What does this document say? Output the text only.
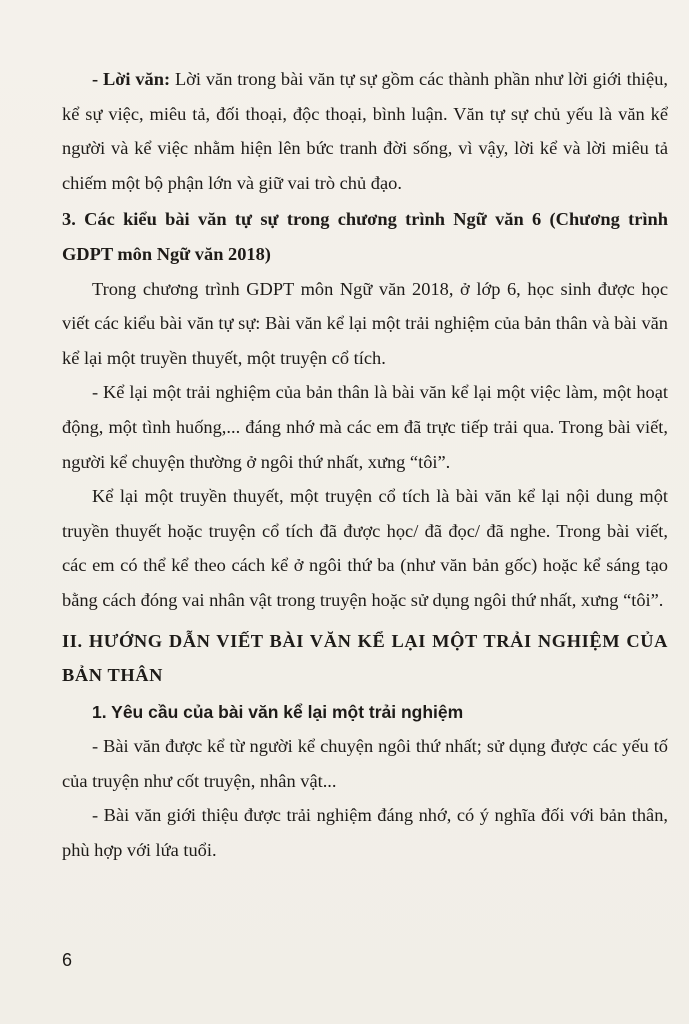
- Lời văn: Lời văn trong bài văn tự sự gồm các thành phần như lời giới thiệu, kể sự việc, miêu tả, đối thoại, độc thoại, bình luận. Văn tự sự chủ yếu là văn kể người và kể việc nhằm hiện lên bức tranh đời sống, vì vậy, lời kể và lời miêu tả chiếm một bộ phận lớn và giữ vai trò chủ đạo.

3. Các kiểu bài văn tự sự trong chương trình Ngữ văn 6 (Chương trình GDPT môn Ngữ văn 2018)

Trong chương trình GDPT môn Ngữ văn 2018, ở lớp 6, học sinh được học viết các kiểu bài văn tự sự: Bài văn kể lại một trải nghiệm của bản thân và bài văn kể lại một truyền thuyết, một truyện cổ tích.

- Kể lại một trải nghiệm của bản thân là bài văn kể lại một việc làm, một hoạt động, một tình huống,... đáng nhớ mà các em đã trực tiếp trải qua. Trong bài viết, người kể chuyện thường ở ngôi thứ nhất, xưng “tôi”.

Kể lại một truyền thuyết, một truyện cổ tích là bài văn kể lại nội dung một truyền thuyết hoặc truyện cổ tích đã được học/ đã đọc/ đã nghe. Trong bài viết, các em có thể kể theo cách kể ở ngôi thứ ba (như văn bản gốc) hoặc kể sáng tạo bằng cách đóng vai nhân vật trong truyện hoặc sử dụng ngôi thứ nhất, xưng “tôi”.

II. HƯỚNG DẪN VIẾT BÀI VĂN KỂ LẠI MỘT TRẢI NGHIỆM CỦA BẢN THÂN

1. Yêu cầu của bài văn kể lại một trải nghiệm

- Bài văn được kể từ người kể chuyện ngôi thứ nhất; sử dụng được các yếu tố của truyện như cốt truyện, nhân vật...

- Bài văn giới thiệu được trải nghiệm đáng nhớ, có ý nghĩa đối với bản thân, phù hợp với lứa tuổi.

6
